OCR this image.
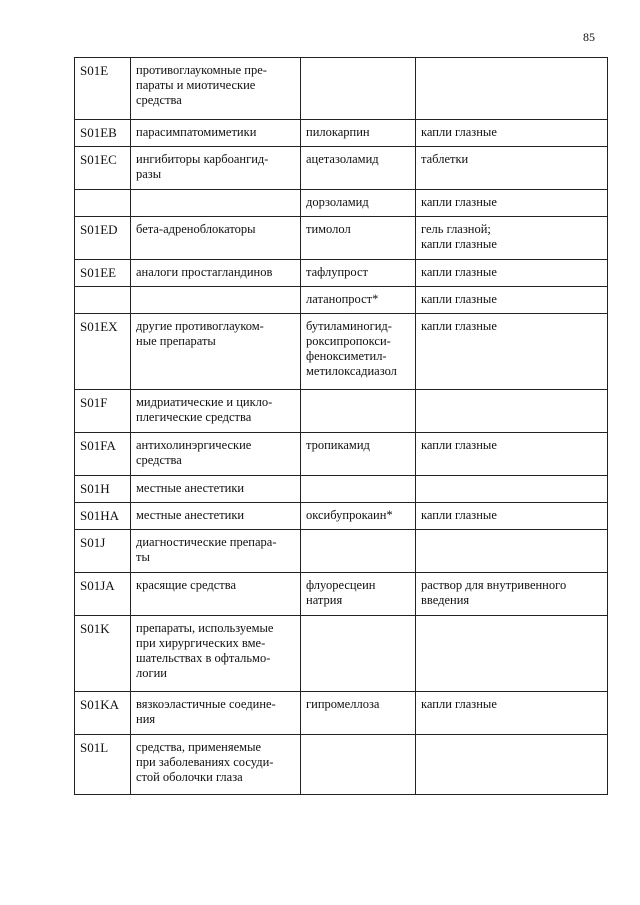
85
S01E	противоглаукомные пре-
параты и миотические
средства		
S01EB	парасимпатомиметики	пилокарпин	капли глазные
S01EC	ингибиторы карбоангид-
разы	ацетазоламид	таблетки
		дорзоламид	капли глазные
S01ED	бета-адреноблокаторы	тимолол	гель глазной;
капли глазные
S01EE	аналоги простагландинов	тафлупрост	капли глазные
		латанопрост*	капли глазные
S01EX	другие противоглауком-
ные препараты	бутиламиногид-
роксипропокси-
феноксиметил-
метилоксадиазол	капли глазные
S01F	мидриатические и цикло-
плегические средства		
S01FA	антихолинэргические
средства	тропикамид	капли глазные
S01H	местные анестетики		
S01HA	местные анестетики	оксибупрокаин*	капли глазные
S01J	диагностические препара-
ты		
S01JA	красящие средства	флуоресцеин
натрия	раствор для внутривенного
введения
S01K	препараты, используемые
при хирургических вме-
шательствах в офтальмо-
логии		
S01KA	вязкоэластичные соедине-
ния	гипромеллоза	капли глазные
S01L	средства, применяемые
при заболеваниях сосуди-
стой оболочки глаза		
